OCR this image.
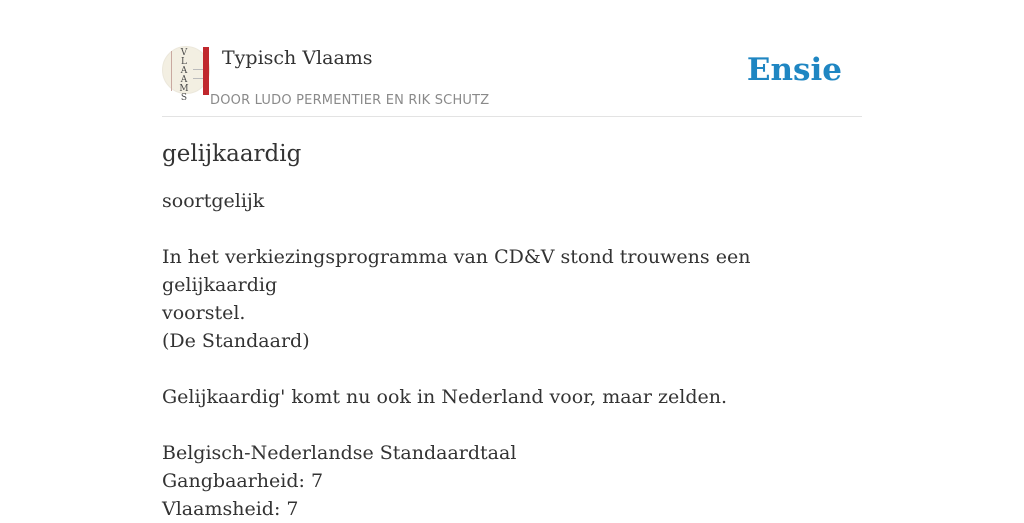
V
L
A
A
M
S
Typisch Vlaams
DOOR LUDO PERMENTIER EN RIK SCHUTZ
Ensie
gelijkaardig

soortgelijk

In het verkiezingsprogramma van CD&V stond trouwens een gelijkaardig

voorstel.

(De Standaard)

Gelijkaardig' komt nu ook in Nederland voor, maar zelden.

Belgisch-Nederlandse Standaardtaal

Gangbaarheid: 7

Vlaamsheid: 7
